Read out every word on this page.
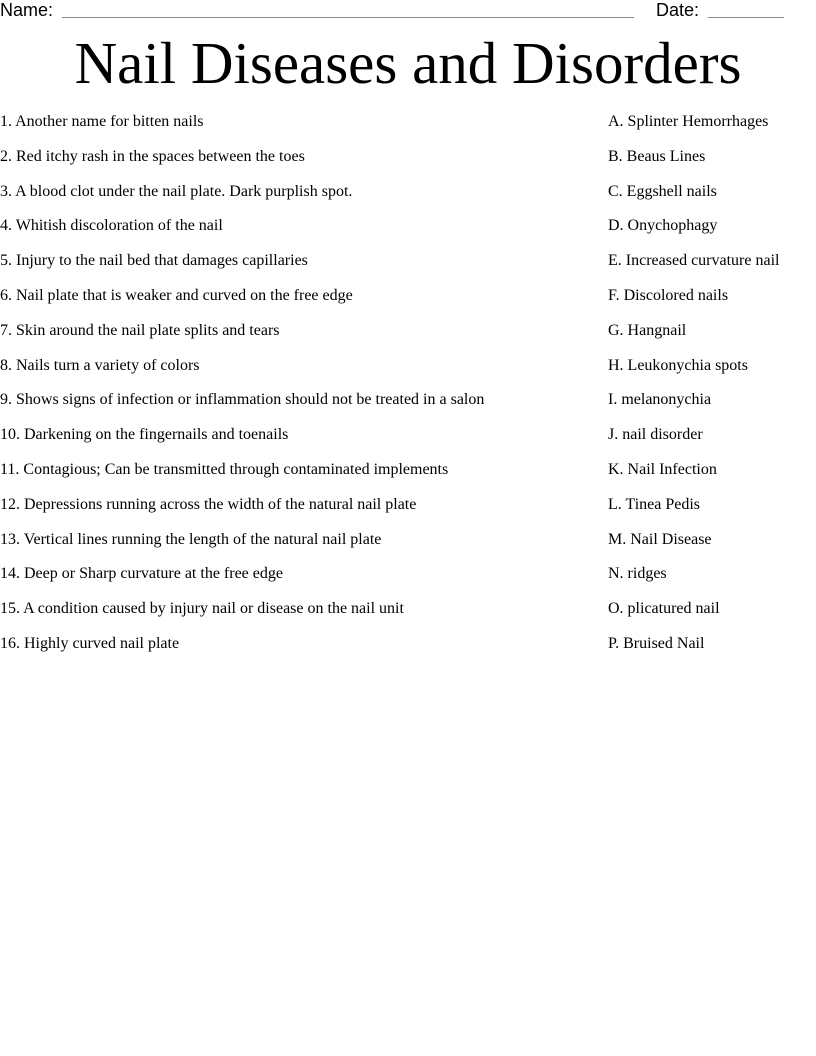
Name:	Date:
Nail Diseases and Disorders
1. Another name for bitten nails
2. Red itchy rash in the spaces between the toes
3. A blood clot under the nail plate. Dark purplish spot.
4. Whitish discoloration of the nail
5. Injury to the nail bed that damages capillaries
6. Nail plate that is weaker and curved on the free edge
7. Skin around the nail plate splits and tears
8. Nails turn a variety of colors
9. Shows signs of infection or inflammation should not be treated in a salon
10. Darkening on the fingernails and toenails
11. Contagious; Can be transmitted through contaminated implements
12. Depressions running across the width of the natural nail plate
13. Vertical lines running the length of the natural nail plate
14. Deep or Sharp curvature at the free edge
15. A condition caused by injury nail or disease on the nail unit
16. Highly curved nail plate
A. Splinter Hemorrhages
B. Beaus Lines
C. Eggshell nails
D. Onychophagy
E. Increased curvature nail
F. Discolored nails
G. Hangnail
H. Leukonychia spots
I. melanonychia
J. nail disorder
K. Nail Infection
L. Tinea Pedis
M. Nail Disease
N. ridges
O. plicatured nail
P. Bruised Nail
